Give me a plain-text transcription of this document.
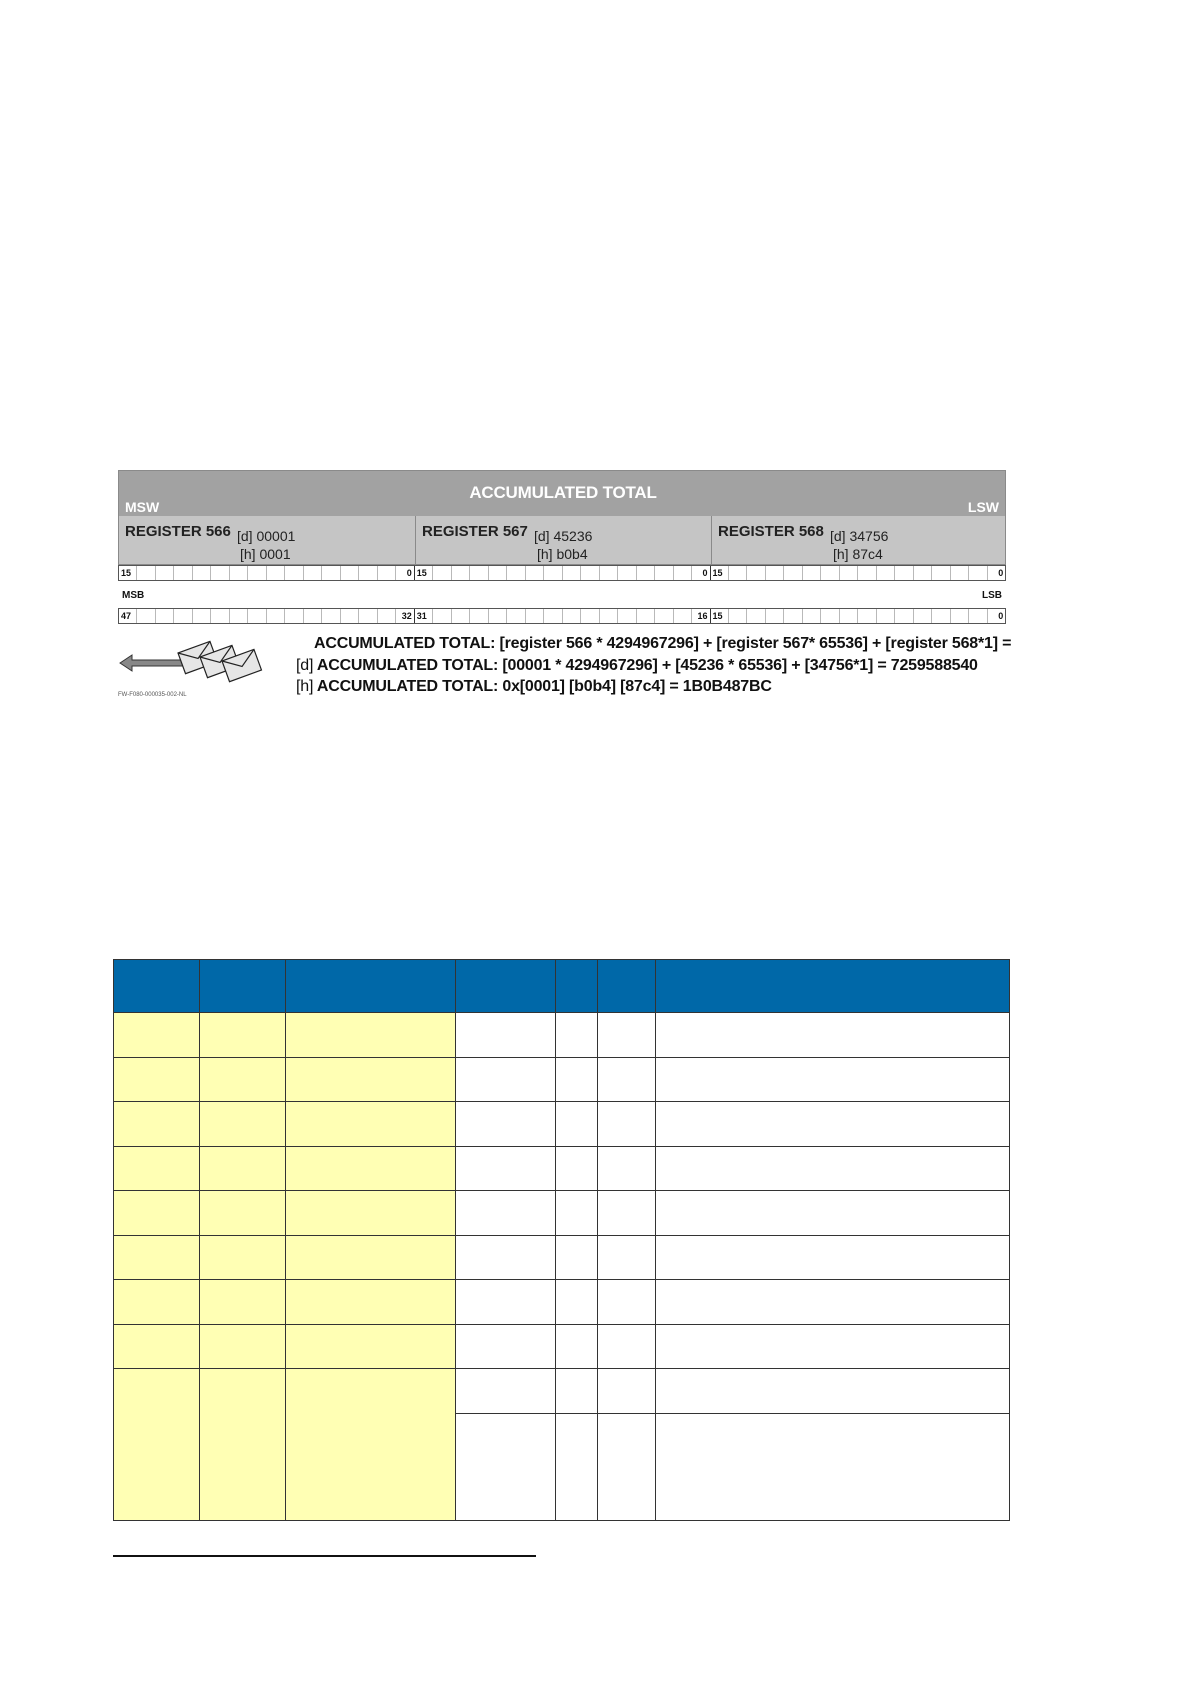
ACCUMULATED TOTAL
MSW	LSW
REGISTER 566 [d] 00001
[h] 0001
REGISTER 567 [d] 45236
[h] b0b4
REGISTER 568 [d] 34756
[h] 87c4
15	0 15	0 15	0
MSB	LSB
47	32 31	16 15	0
FW-F080-000035-002-NL
ACCUMULATED TOTAL: [register 566 * 4294967296] + [register 567* 65536] + [register 568*1] =
[d] ACCUMULATED TOTAL: [00001 * 4294967296] + [45236 * 65536] + [34756*1] = 7259588540
[h] ACCUMULATED TOTAL: 0x[0001] [b0b4] [87c4] = 1B0B487BC
